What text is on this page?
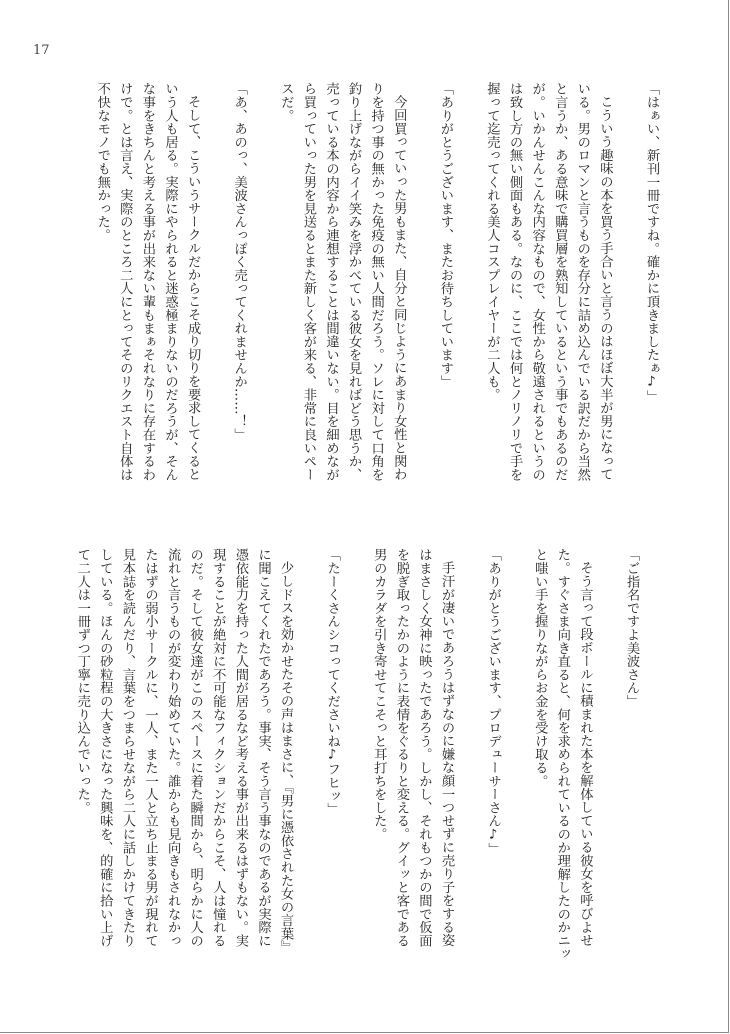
17
「はぁい、新刊一冊ですね。確かに頂きましたぁ♪」
こういう趣味の本を買う手合いと言うのはほぼ大半が男になって
いる。男のロマンと言うものを存分に詰め込んでいる訳だから当然
と言うか、ある意味で購買層を熟知しているという事でもあるのだ
が。いかんせんこんな内容なもので、女性から敬遠されるというの
は致し方の無い側面もある。なのに、ここでは何とノリノリで手を
握って迄売ってくれる美人コスプレイヤーが二人も。
「ありがとうございます、またお待ちしています」
今回買っていった男もまた、自分と同じようにあまり女性と関わ
りを持つ事の無かった免疫の無い人間だろう。ソレに対して口角を
釣り上げながらイイ笑みを浮かべている彼女を見ればどう思うか、
売っている本の内容から連想することは間違いない。目を細めなが
ら買っていった男を見送るとまた新しく客が来る、非常に良いペー
スだ。
「あ、あのっ、美波さんっぽく売ってくれませんか……！」
そして、こういうサークルだからこそ成り切りを要求してくると
いう人も居る。実際にやられると迷惑極まりないのだろうが、そん
な事をきちんと考える事が出来ない輩もまぁそれなりに存在するわ
けで。とは言え、実際のところ二人にとってそのリクエスト自体は
不快なモノでも無かった。
「ご指名ですよ美波さん」
そう言って段ボールに積まれた本を解体している彼女を呼びよせ
た。すぐさま向き直ると、何を求められているのか理解したのかニッ
と嗤い手を握りながらお金を受け取る。
「ありがとうございます、プロデューサーさん♪」
手汗が凄いであろうはずなのに嫌な顔一つせずに売り子をする姿
はまさしく女神に映ったであろう。しかし、それもつかの間で仮面
を脱ぎ取ったかのように表情をぐるりと変える。グイッと客である
男のカラダを引き寄せてこそっと耳打ちをした。
「たーくさんシコってくださいね♪フヒッ」
少しドスを効かせたその声はまさに、『男に憑依された女の言葉』
に聞こえてくれたであろう。事実、そう言う事なのであるが実際に
憑依能力を持った人間が居るなど考える事が出来るはずもない。実
現することが絶対に不可能なフィクションだからこそ、人は憧れる
のだ。そして彼女達がこのスペースに着た瞬間から、明らかに人の
流れと言うものが変わり始めていた。誰からも見向きもされなかっ
たはずの弱小サークルに、一人、また一人と立ち止まる男が現れて
見本誌を読んだり、言葉をつまらせながら二人に話しかけてきたり
している。ほんの砂粒程の大きさになった興味を、的確に拾い上げ
て二人は一冊ずつ丁寧に売り込んでいった。
